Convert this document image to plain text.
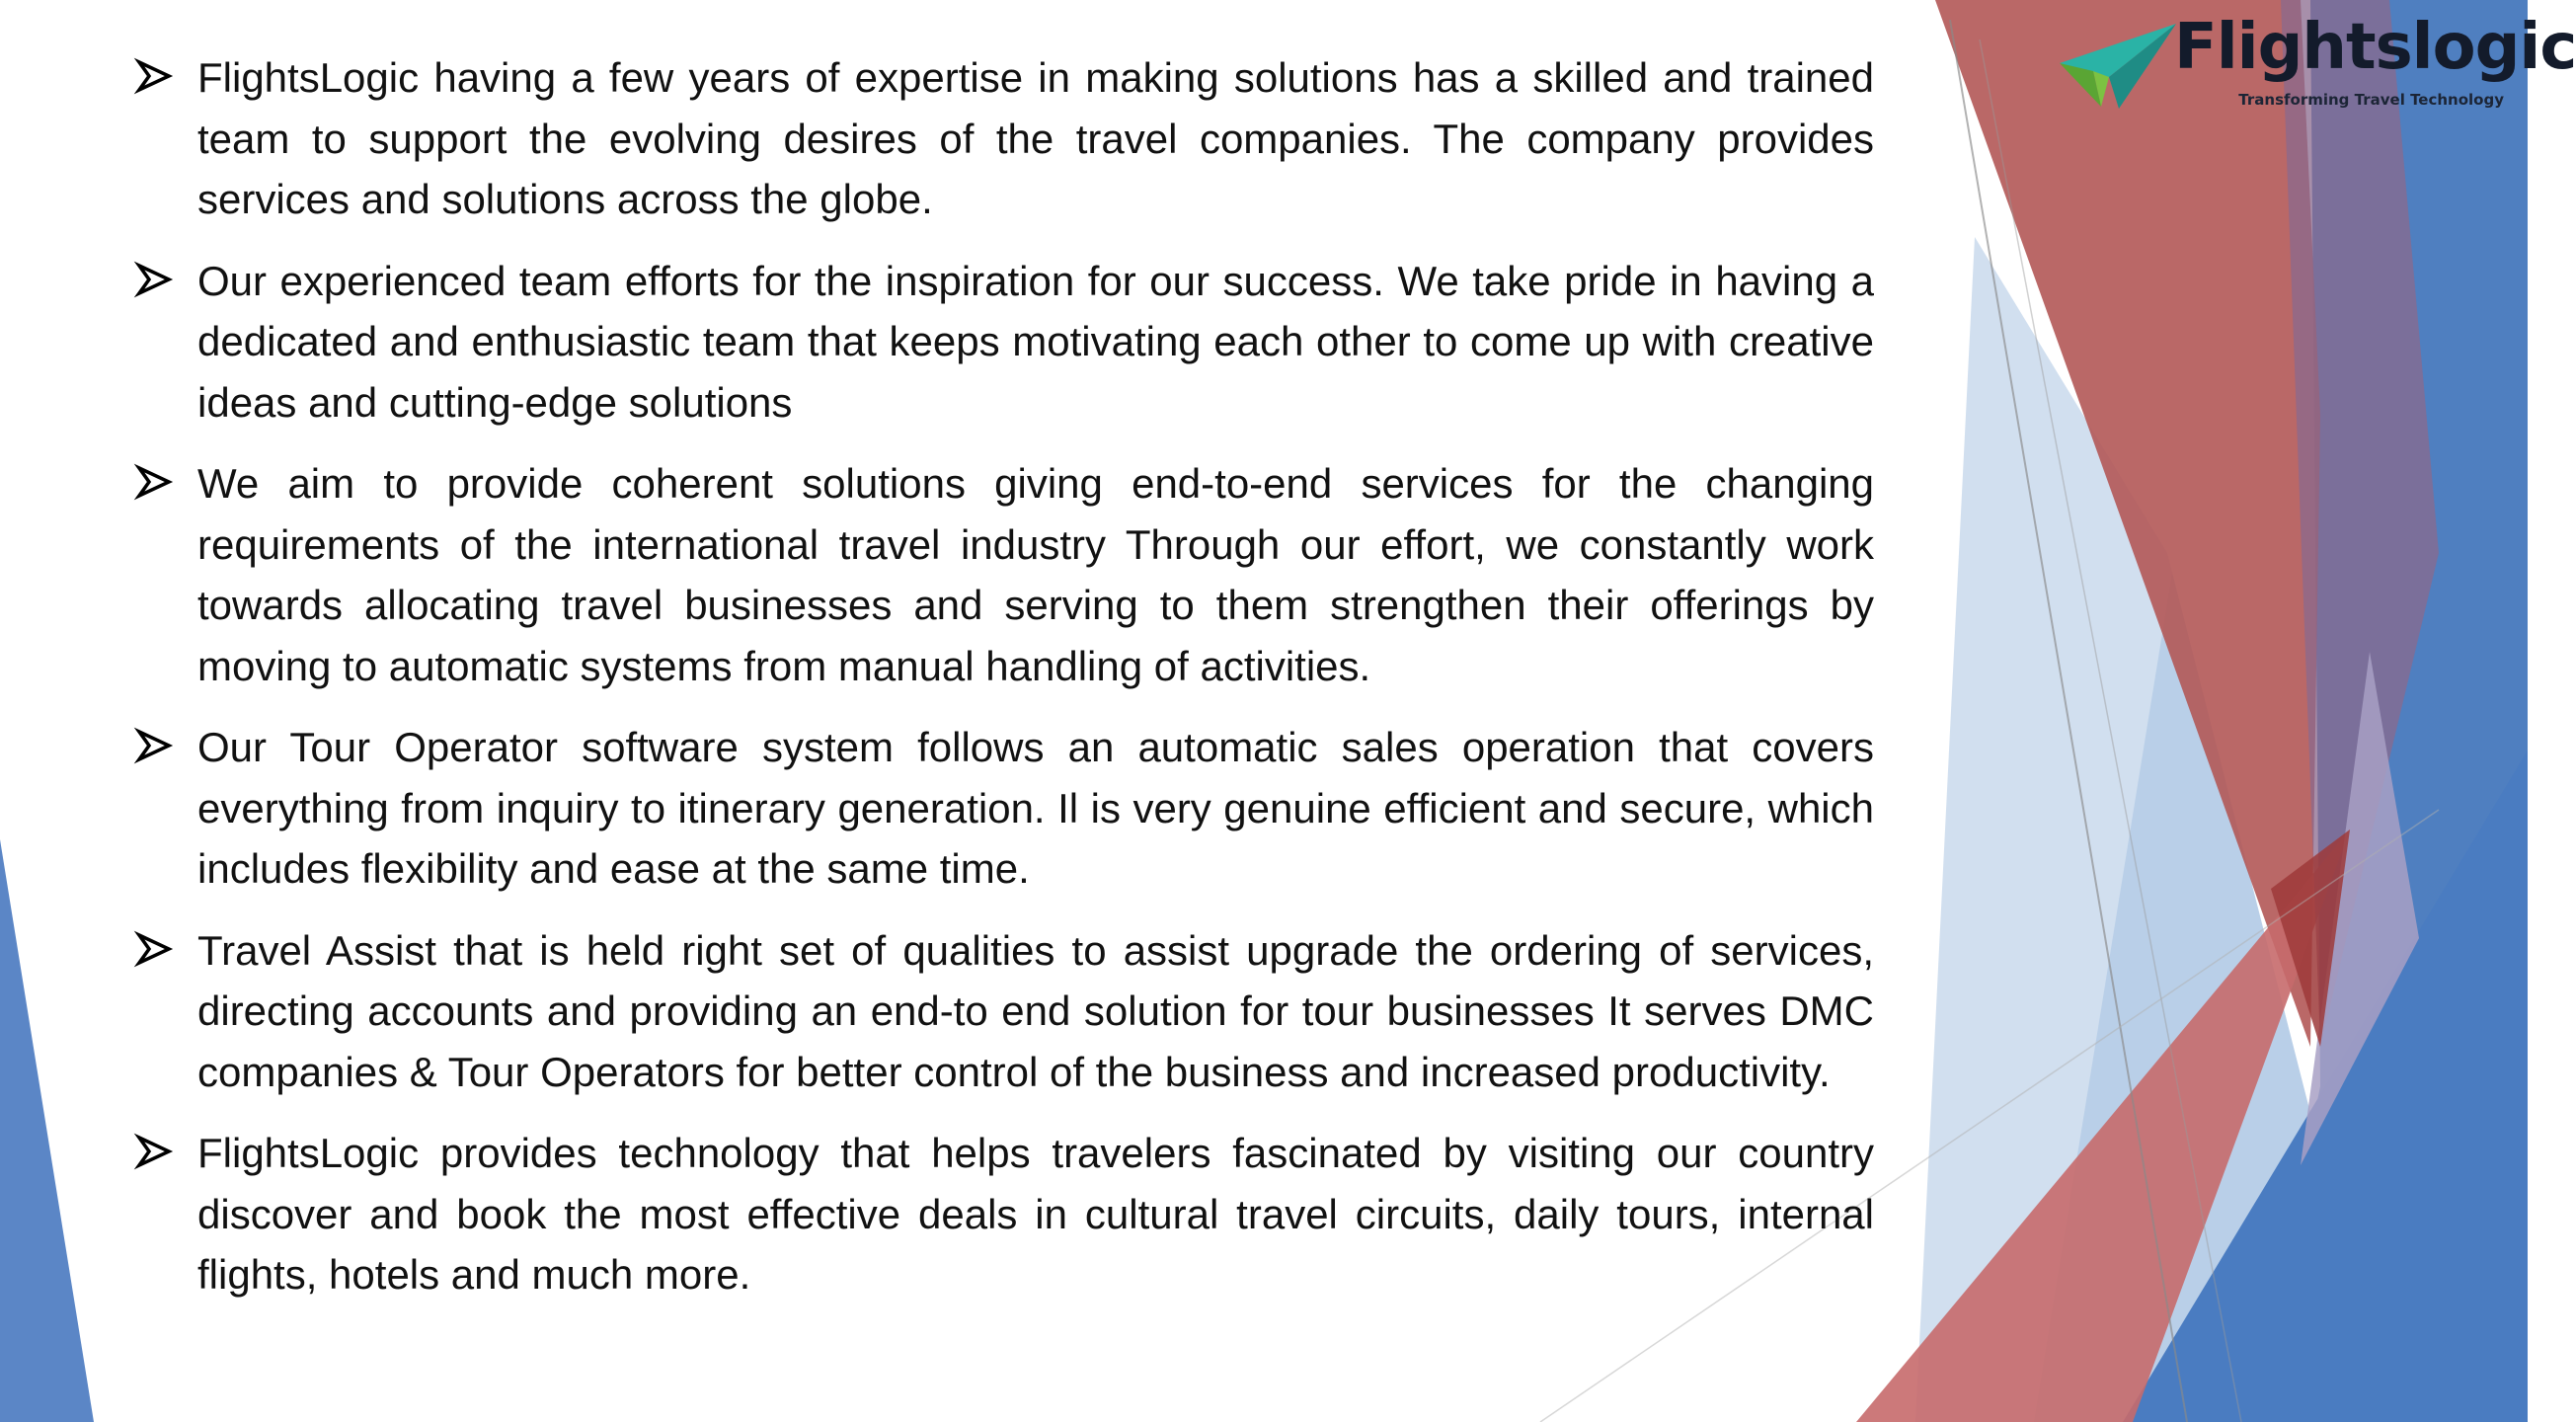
Flightslogic
Transforming Travel Technology
FlightsLogic having a few years of expertise in making solutions has a skilled and trained team to support the evolving desires of the travel companies. The company provides services and solutions across the globe.
Our experienced team efforts for the inspiration for our success. We take pride in having a dedicated and enthusiastic team that keeps motivating each other to come up with creative ideas and cutting-edge solutions
We aim to provide coherent solutions giving end-to-end services for the changing requirements of the international travel industry Through our effort, we constantly work towards allocating travel businesses and serving to them strengthen their offerings by moving to automatic systems from manual handling of activities.
Our Tour Operator software system follows an automatic sales operation that covers everything from inquiry to itinerary generation. Il is very genuine efficient and secure, which includes flexibility and ease at the same time.
Travel Assist that is held right set of qualities to assist upgrade the ordering of services, directing accounts and providing an end-to end solution for tour businesses It serves DMC companies & Tour Operators for better control of the business and increased productivity.
FlightsLogic provides technology that helps travelers fascinated by visiting our country discover and book the most effective deals in cultural travel circuits, daily tours, internal flights, hotels and much more.
